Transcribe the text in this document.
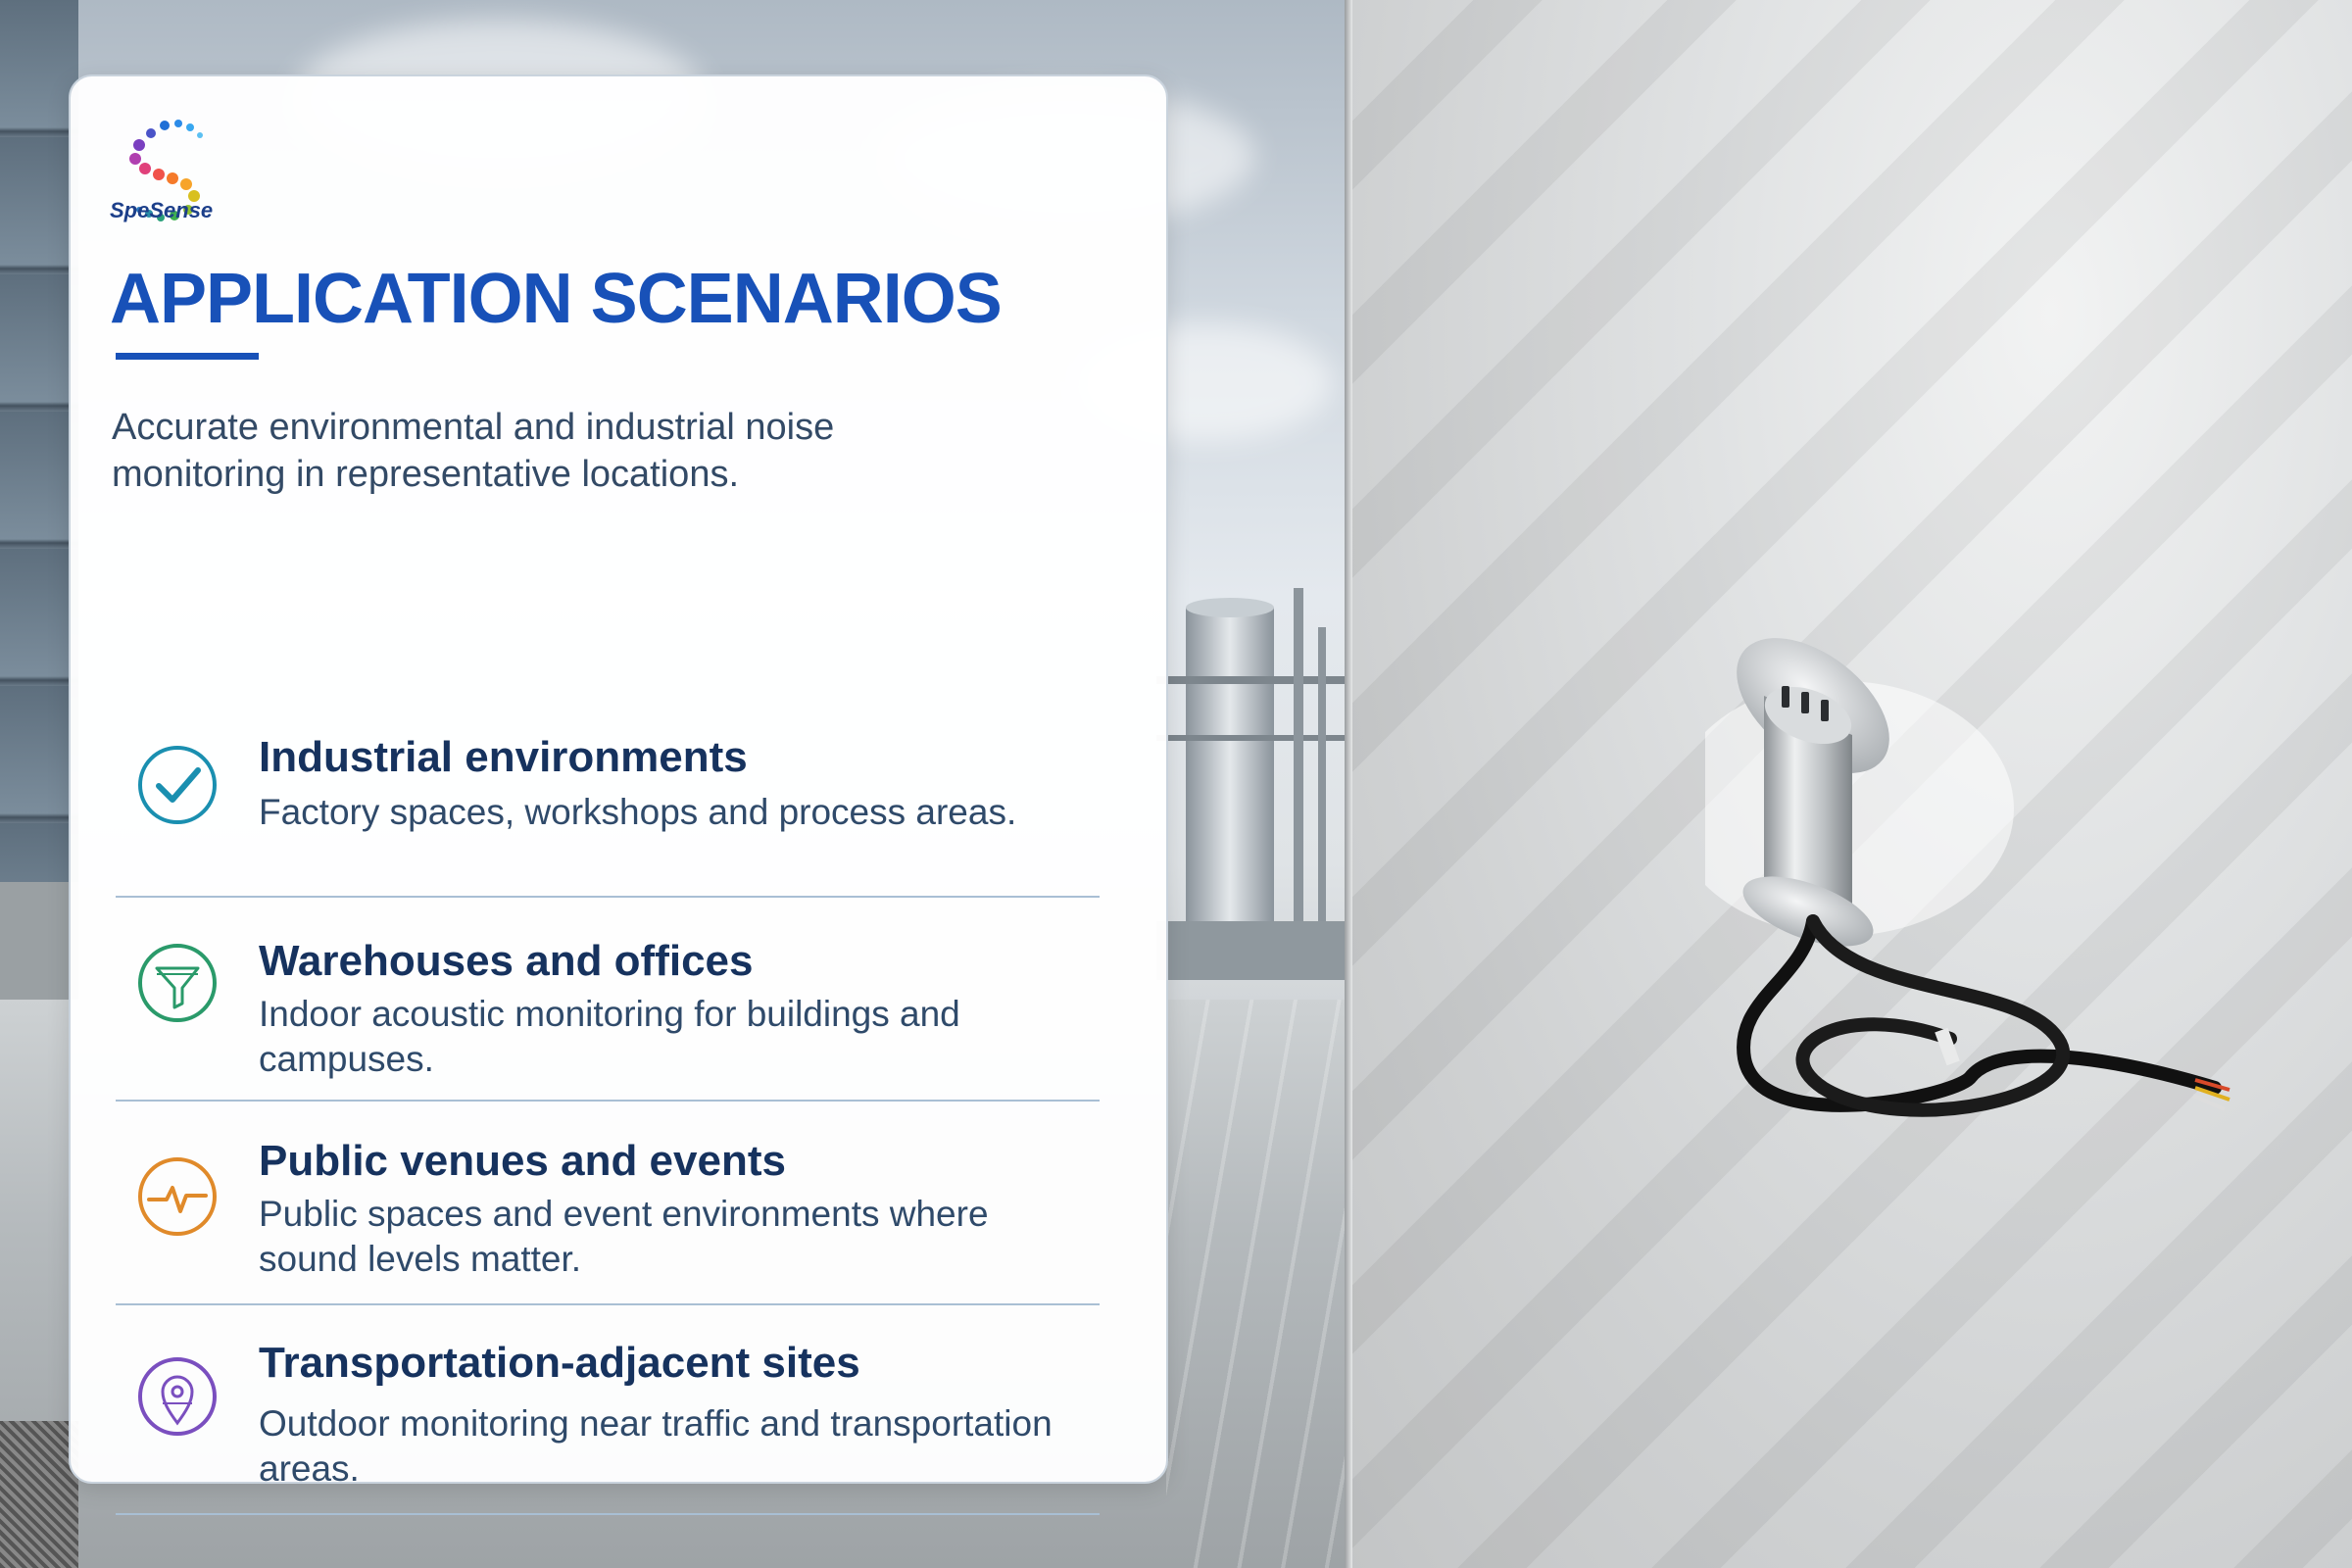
SpeSense
APPLICATION SCENARIOS
Accurate environmental and industrial noise monitoring in representative locations.
Industrial environments
Factory spaces, workshops and process areas.
Warehouses and offices
Indoor acoustic monitoring for buildings and campuses.
Public venues and events
Public spaces and event environments where sound levels matter.
Transportation-adjacent sites
Outdoor monitoring near traffic and transportation areas.
